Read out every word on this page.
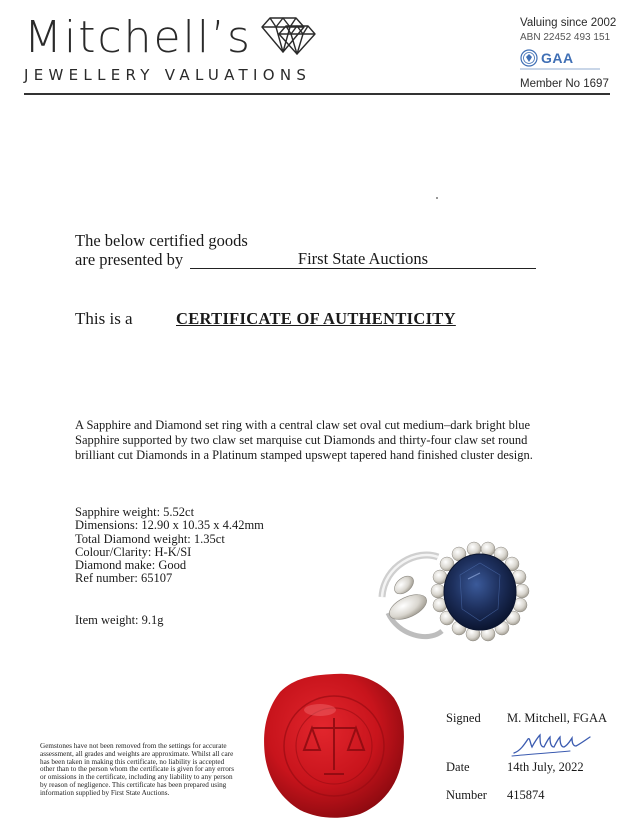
Mitchell’s
JEWELLERY VALUATIONS
Valuing since 2002
ABN 22452 493 151
GAA
Member No 1697
The below certified goods
are presented by	First State Auctions
This is a	CERTIFICATE OF AUTHENTICITY
A Sapphire and Diamond set ring with a central claw set oval cut medium–dark bright blue Sapphire supported by two claw set marquise cut Diamonds and thirty-four claw set round brilliant cut Diamonds in a Platinum stamped upswept tapered hand finished cluster design.
Sapphire weight: 5.52ct
Dimensions: 12.90 x 10.35 x 4.42mm
Total Diamond weight: 1.35ct
Colour/Clarity: H-K/SI
Diamond make: Good
Ref number: 65107
Item weight: 9.1g
Gemstones have not been removed from the settings for accurate assessment, all grades and weights are approximate. Whilst all care has been taken in making this certificate, no liability is accepted other than to the person whom the certificate is given for any errors or omissions in the certificate, including any liability to any person by reason of negligence. This certificate has been prepared using information supplied by First State Auctions.
Signed M. Mitchell, FGAA
Date	14th July, 2022
Number 415874
